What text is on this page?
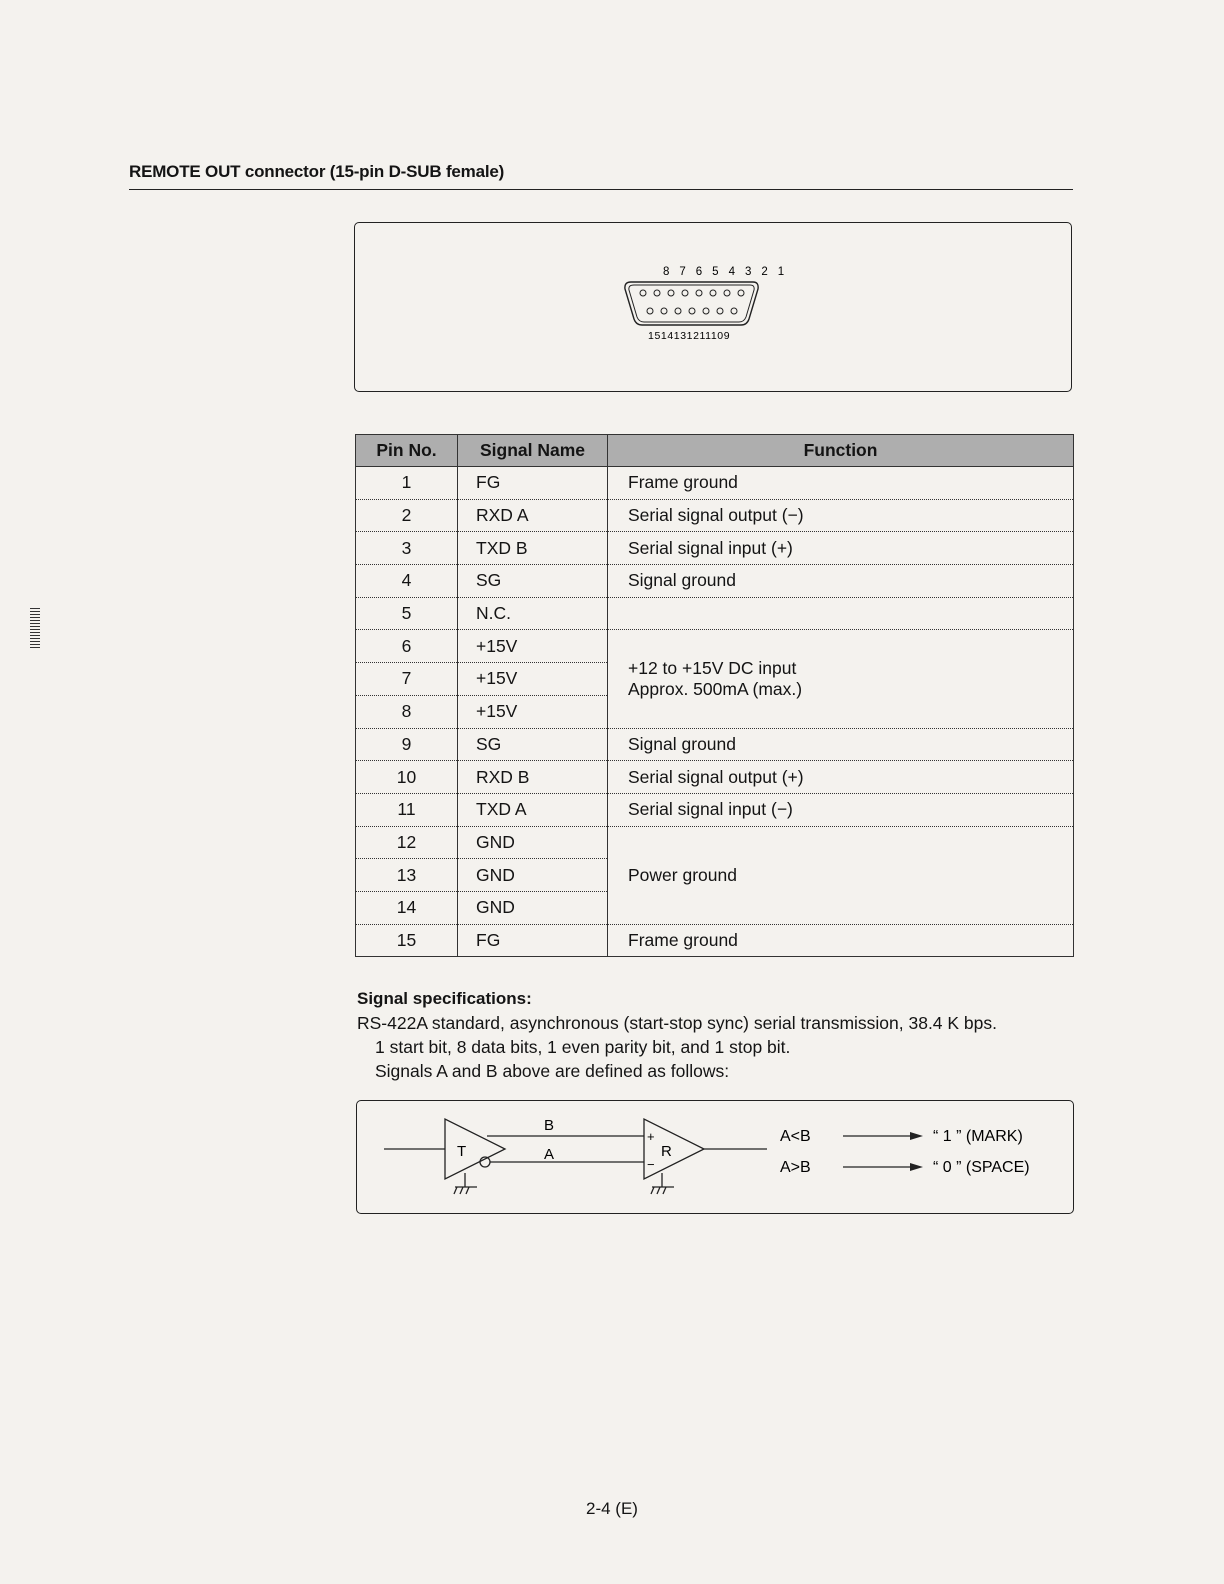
REMOTE OUT connector (15-pin D-SUB female)
8 7 6 5 4 3 2 1
1514131211109
Pin No.	Signal Name	Function
1	FG	Frame ground
2	RXD A	Serial signal output (−)
3	TXD B	Serial signal input (+)
4	SG	Signal ground
5	N.C.	
6	+15V	+12 to +15V DC input
Approx. 500mA (max.)

7	+15V	
8	+15V	
9	SG	Signal ground
10	RXD B	Serial signal output (+)
11	TXD A	Serial signal input (−)
12	GND	Power ground
13	GND	
14	GND	
15	FG	Frame ground
Signal specifications:
RS-422A standard, asynchronous (start-stop sync) serial transmission, 38.4 K bps.
1 start bit, 8 data bits, 1 even parity bit, and 1 stop bit.
Signals A and B above are defined as follows:
T
B
A
+
−
R
A<B	“ 1 ” (MARK)
A>B	“ 0 ” (SPACE)
2-4 (E)
